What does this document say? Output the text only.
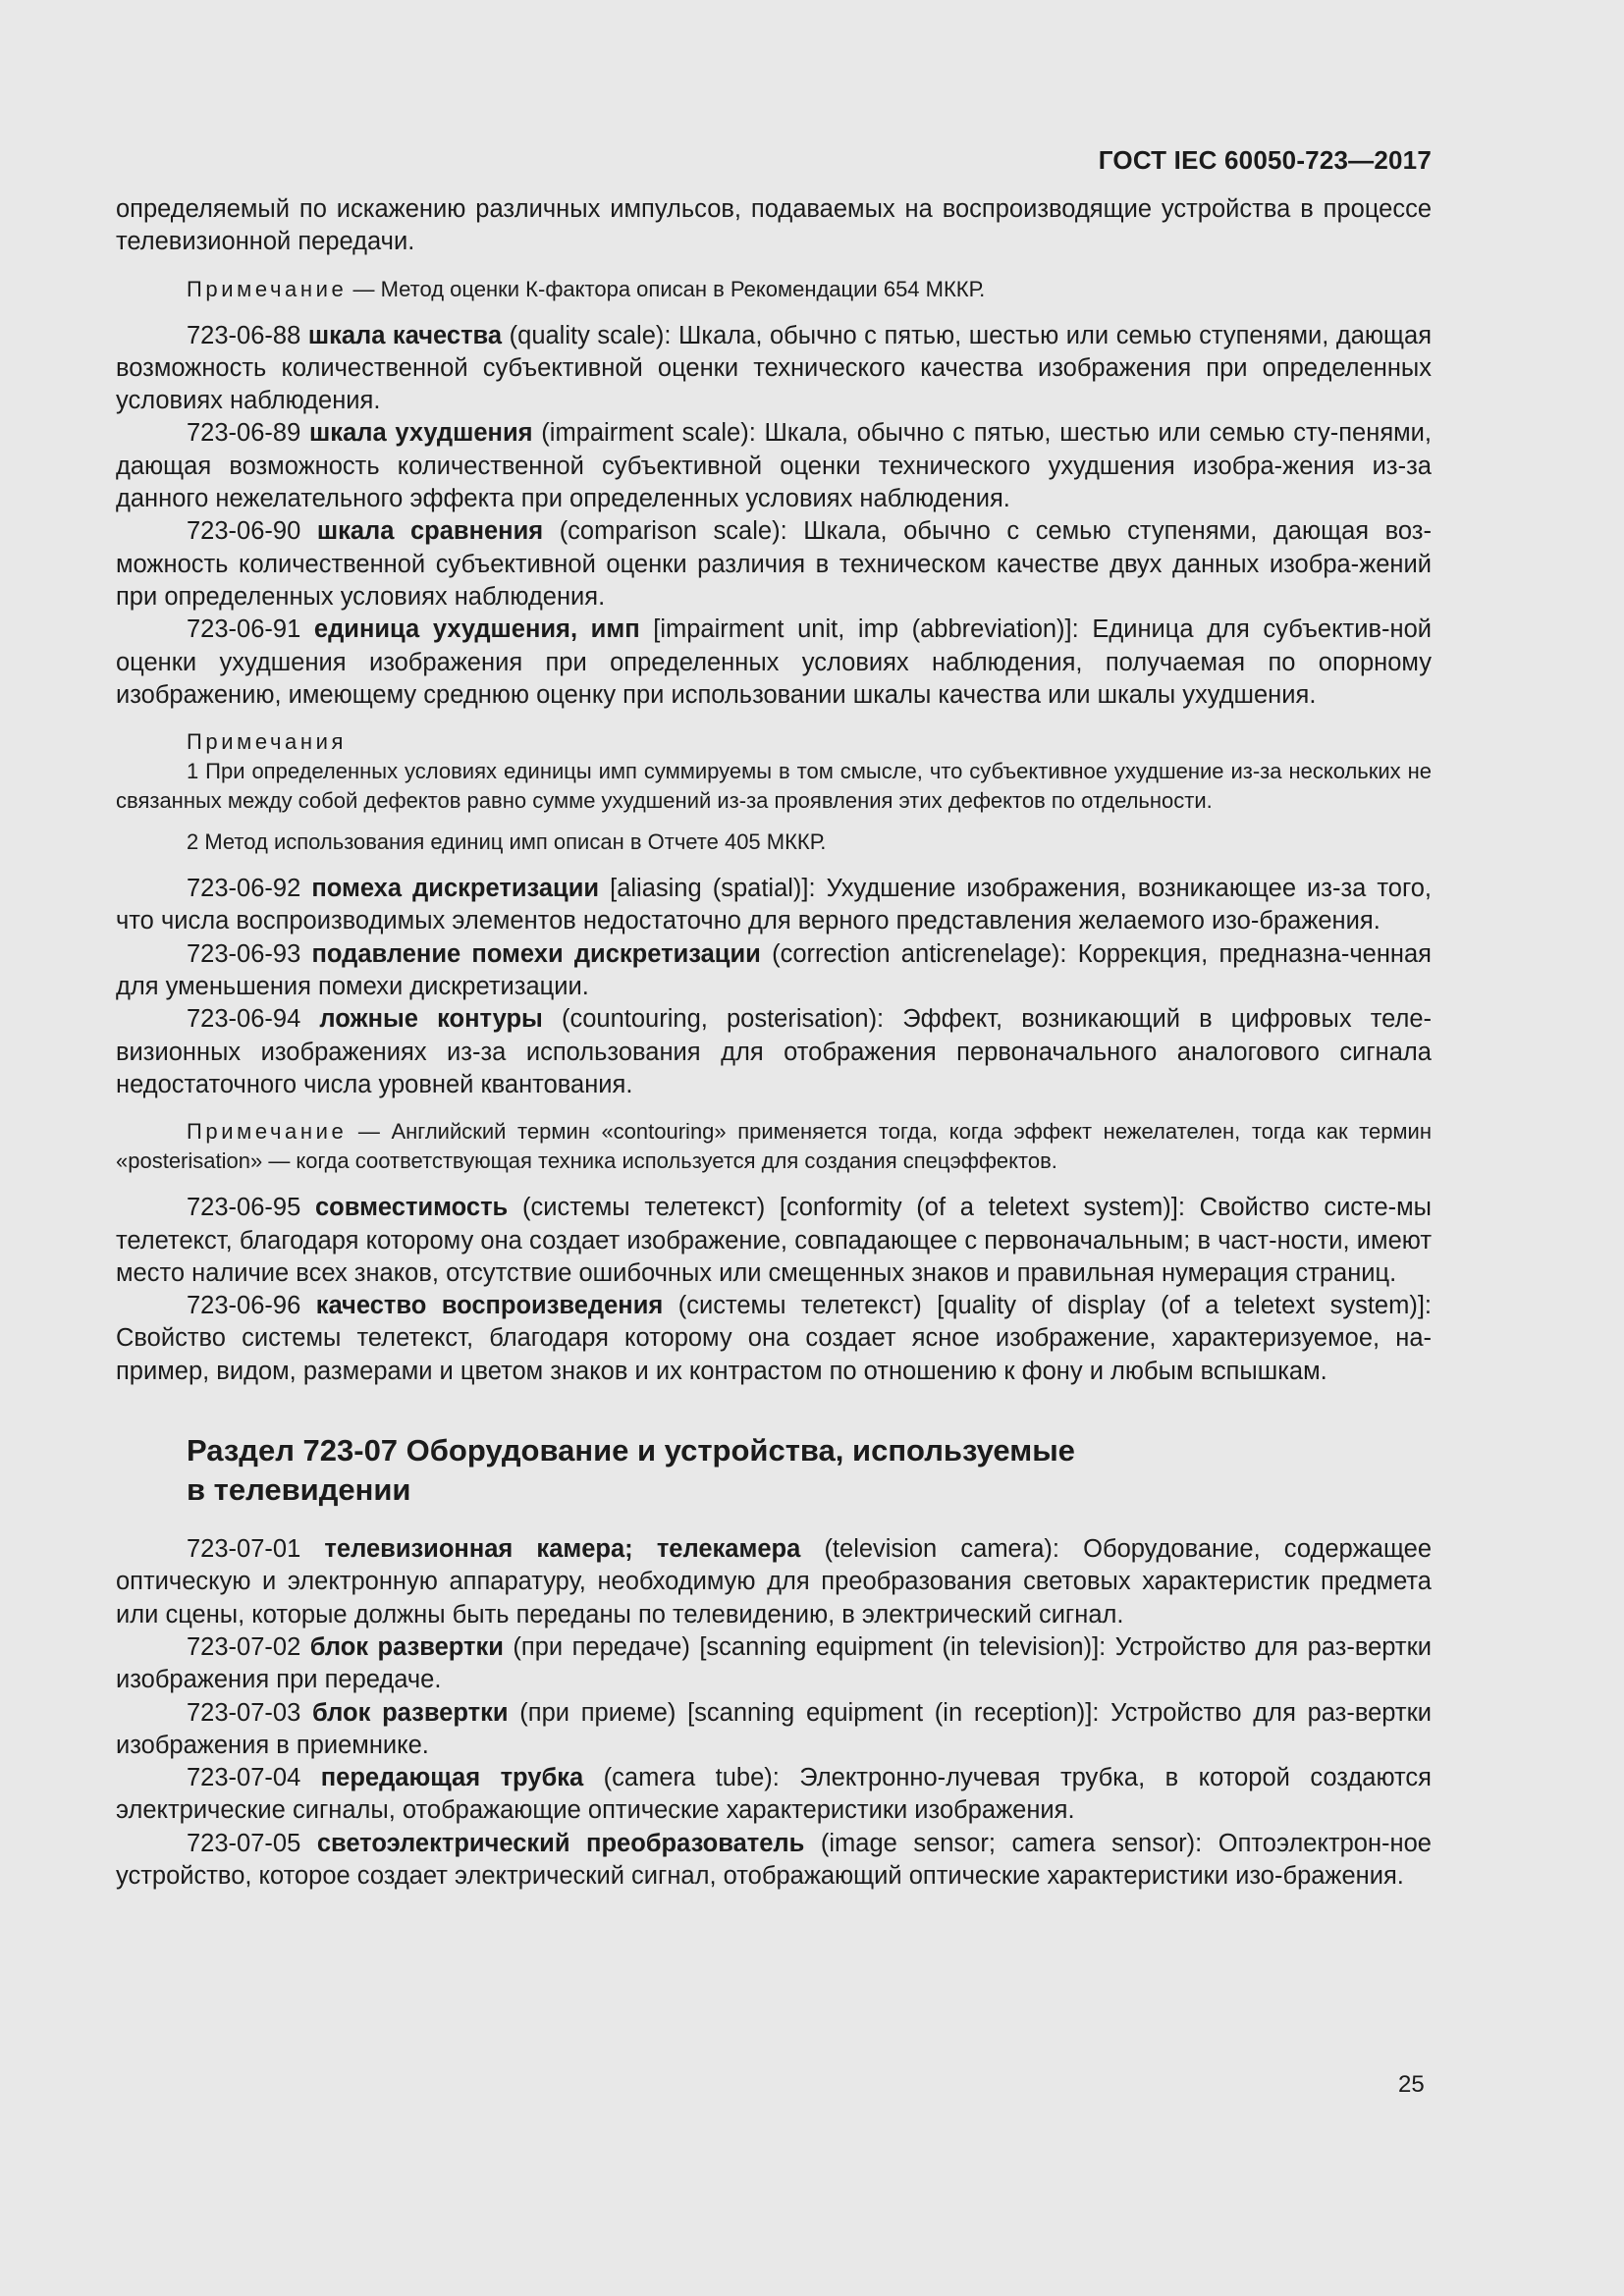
ГОСТ IEC 60050-723—2017

определяемый по искажению различных импульсов, подаваемых на воспроизводящие устройства в процессе телевизионной передачи.

Примечание — Метод оценки К-фактора описан в Рекомендации 654 МККР.

723-06-88 шкала качества (quality scale): Шкала, обычно с пятью, шестью или семью ступенями, дающая возможность количественной субъективной оценки технического качества изображения при определенных условиях наблюдения.

723-06-89 шкала ухудшения (impairment scale): Шкала, обычно с пятью, шестью или семью сту-пенями, дающая возможность количественной субъективной оценки технического ухудшения изобра-жения из-за данного нежелательного эффекта при определенных условиях наблюдения.

723-06-90 шкала сравнения (comparison scale): Шкала, обычно с семью ступенями, дающая воз-можность количественной субъективной оценки различия в техническом качестве двух данных изобра-жений при определенных условиях наблюдения.

723-06-91 единица ухудшения, имп [impairment unit, imp (abbreviation)]: Единица для субъектив-ной оценки ухудшения изображения при определенных условиях наблюдения, получаемая по опорному изображению, имеющему среднюю оценку при использовании шкалы качества или шкалы ухудшения.

Примечания

1 При определенных условиях единицы имп суммируемы в том смысле, что субъективное ухудшение из-за нескольких не связанных между собой дефектов равно сумме ухудшений из-за проявления этих дефектов по отдельности.

2 Метод использования единиц имп описан в Отчете 405 МККР.

723-06-92 помеха дискретизации [aliasing (spatial)]: Ухудшение изображения, возникающее из-за того, что числа воспроизводимых элементов недостаточно для верного представления желаемого изо-бражения.

723-06-93 подавление помехи дискретизации (correction anticrenelage): Коррекция, предназна-ченная для уменьшения помехи дискретизации.

723-06-94 ложные контуры (countouring, posterisation): Эффект, возникающий в цифровых теле-визионных изображениях из-за использования для отображения первоначального аналогового сигнала недостаточного числа уровней квантования.

Примечание — Английский термин «contouring» применяется тогда, когда эффект нежелателен, тогда как термин «posterisation» — когда соответствующая техника используется для создания спецэффектов.

723-06-95 совместимость (системы телетекст) [conformity (of a teletext system)]: Свойство систе-мы телетекст, благодаря которому она создает изображение, совпадающее с первоначальным; в част-ности, имеют место наличие всех знаков, отсутствие ошибочных или смещенных знаков и правильная нумерация страниц.

723-06-96 качество воспроизведения (системы телетекст) [quality of display (of a teletext system)]: Свойство системы телетекст, благодаря которому она создает ясное изображение, характеризуемое, на-пример, видом, размерами и цветом знаков и их контрастом по отношению к фону и любым вспышкам.

Раздел 723-07 Оборудование и устройства, используемые
в телевидении

723-07-01 телевизионная камера; телекамера (television camera): Оборудование, содержащее оптическую и электронную аппаратуру, необходимую для преобразования световых характеристик предмета или сцены, которые должны быть переданы по телевидению, в электрический сигнал.

723-07-02 блок развертки (при передаче) [scanning equipment (in television)]: Устройство для раз-вертки изображения при передаче.

723-07-03 блок развертки (при приеме) [scanning equipment (in reception)]: Устройство для раз-вертки изображения в приемнике.

723-07-04 передающая трубка (camera tube): Электронно-лучевая трубка, в которой создаются электрические сигналы, отображающие оптические характеристики изображения.

723-07-05 светоэлектрический преобразователь (image sensor; camera sensor): Оптоэлектрон-ное устройство, которое создает электрический сигнал, отображающий оптические характеристики изо-бражения.

25
